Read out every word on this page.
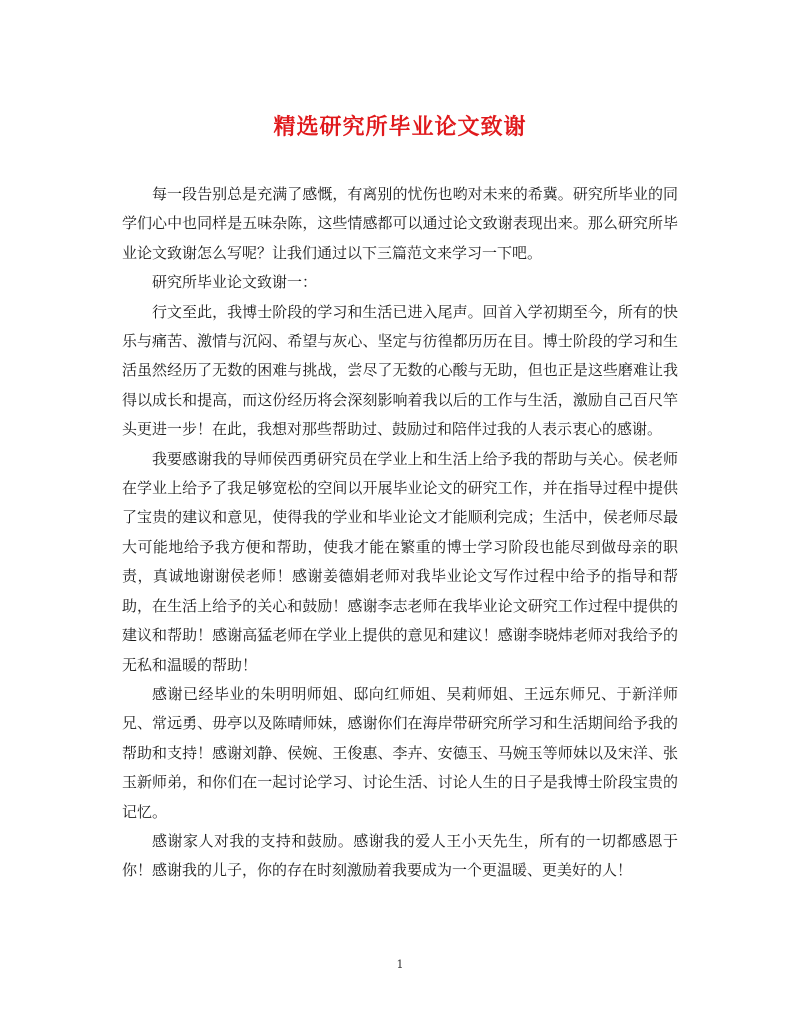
精选研究所毕业论文致谢

每一段告别总是充满了感慨，有离别的忧伤也哟对未来的希冀。研究所毕业的同学们心中也同样是五味杂陈，这些情感都可以通过论文致谢表现出来。那么研究所毕业论文致谢怎么写呢？让我们通过以下三篇范文来学习一下吧。

研究所毕业论文致谢一：

行文至此，我博士阶段的学习和生活已进入尾声。回首入学初期至今，所有的快乐与痛苦、激情与沉闷、希望与灰心、坚定与彷徨都历历在目。博士阶段的学习和生活虽然经历了无数的困难与挑战，尝尽了无数的心酸与无助，但也正是这些磨难让我得以成长和提高，而这份经历将会深刻影响着我以后的工作与生活，激励自己百尺竿头更进一步！在此，我想对那些帮助过、鼓励过和陪伴过我的人表示衷心的感谢。

我要感谢我的导师侯西勇研究员在学业上和生活上给予我的帮助与关心。侯老师在学业上给予了我足够宽松的空间以开展毕业论文的研究工作，并在指导过程中提供了宝贵的建议和意见，使得我的学业和毕业论文才能顺利完成；生活中，侯老师尽最大可能地给予我方便和帮助，使我才能在繁重的博士学习阶段也能尽到做母亲的职责，真诚地谢谢侯老师！感谢姜德娟老师对我毕业论文写作过程中给予的指导和帮助，在生活上给予的关心和鼓励！感谢李志老师在我毕业论文研究工作过程中提供的建议和帮助！感谢高猛老师在学业上提供的意见和建议！感谢李晓炜老师对我给予的无私和温暖的帮助！

感谢已经毕业的朱明明师姐、邸向红师姐、吴莉师姐、王远东师兄、于新洋师兄、常远勇、毋亭以及陈晴师妹，感谢你们在海岸带研究所学习和生活期间给予我的帮助和支持！感谢刘静、侯婉、王俊惠、李卉、安德玉、马婉玉等师妹以及宋洋、张玉新师弟，和你们在一起讨论学习、讨论生活、讨论人生的日子是我博士阶段宝贵的记忆。

感谢家人对我的支持和鼓励。感谢我的爱人王小天先生，所有的一切都感恩于你！感谢我的儿子，你的存在时刻激励着我要成为一个更温暖、更美好的人！

1
